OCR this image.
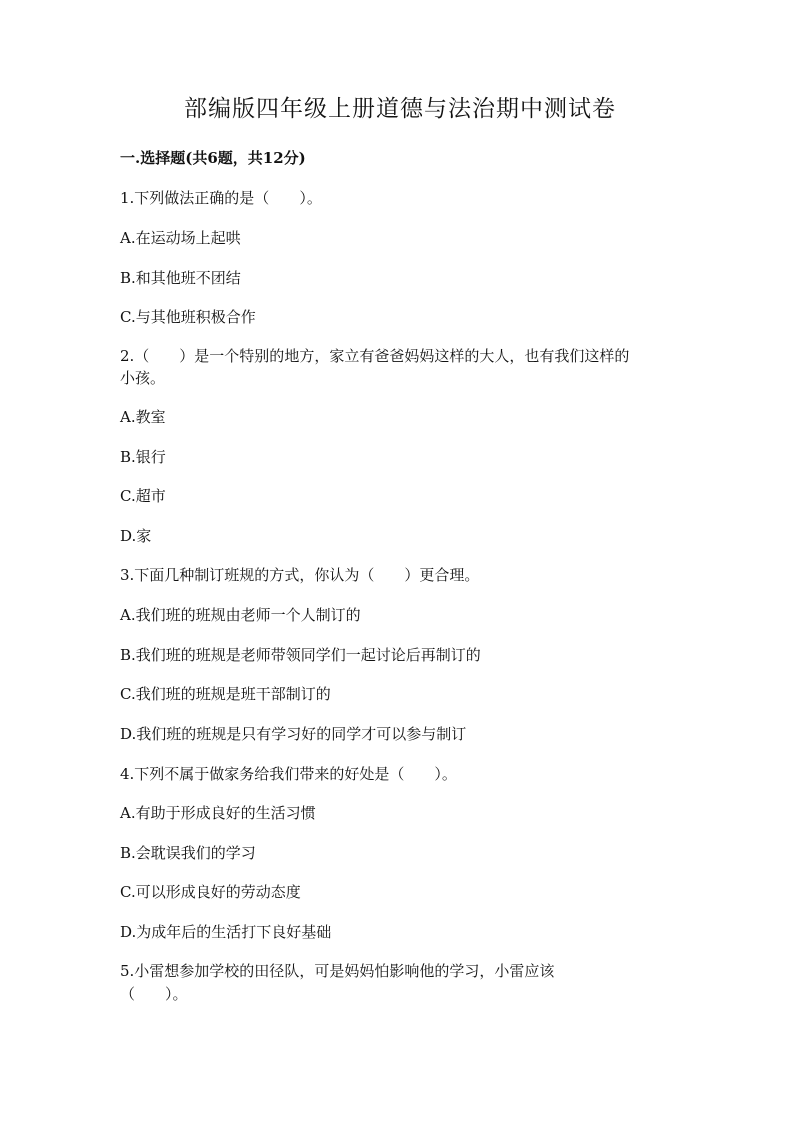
部编版四年级上册道德与法治期中测试卷
一.选择题(共6题，共12分)
1.下列做法正确的是（　　）。
A.在运动场上起哄
B.和其他班不团结
C.与其他班积极合作
2.（　　）是一个特别的地方，家立有爸爸妈妈这样的大人，也有我们这样的
小孩。
A.教室
B.银行
C.超市
D.家
3.下面几种制订班规的方式，你认为（　　）更合理。
A.我们班的班规由老师一个人制订的
B.我们班的班规是老师带领同学们一起讨论后再制订的
C.我们班的班规是班干部制订的
D.我们班的班规是只有学习好的同学才可以参与制订
4.下列不属于做家务给我们带来的好处是（　　）。
A.有助于形成良好的生活习惯
B.会耽误我们的学习
C.可以形成良好的劳动态度
D.为成年后的生活打下良好基础
5.小雷想参加学校的田径队，可是妈妈怕影响他的学习，小雷应该
（　　）。
